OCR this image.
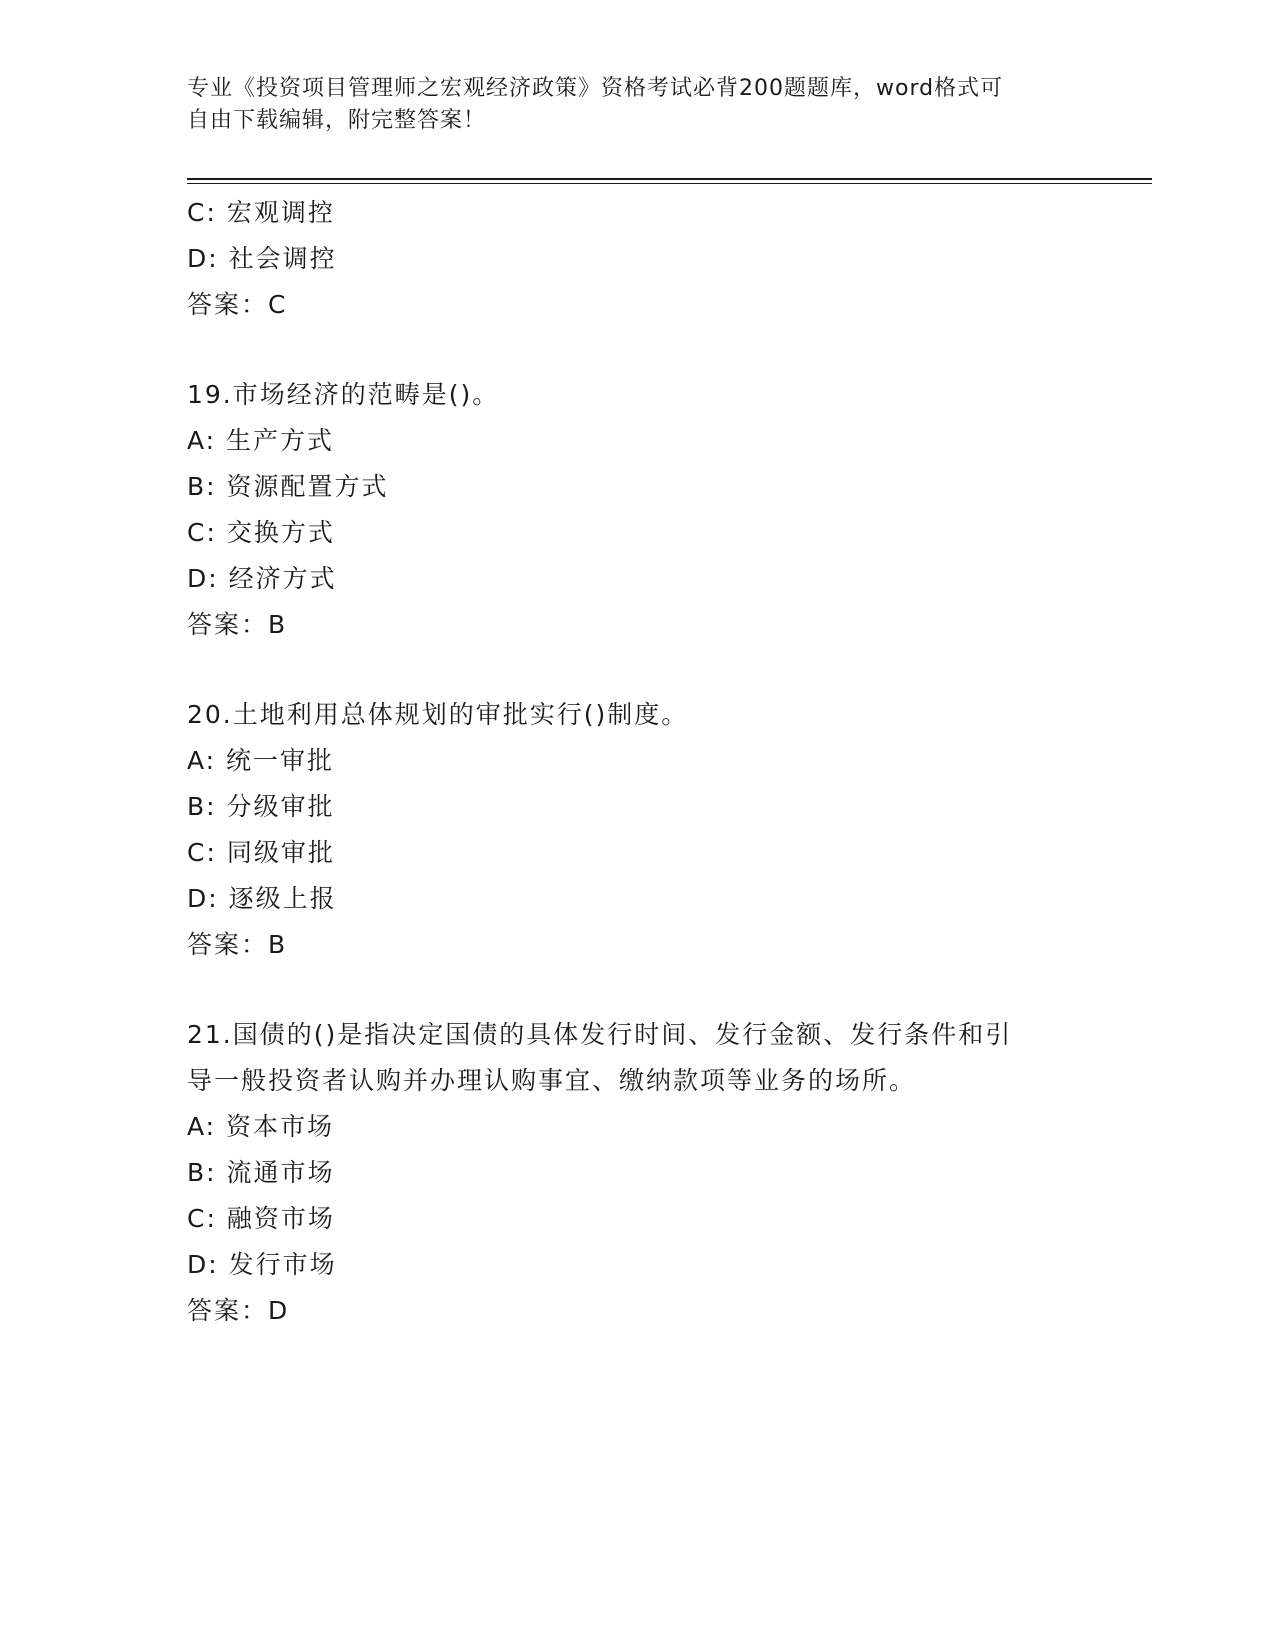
专业《投资项目管理师之宏观经济政策》资格考试必背200题题库，word格式可
自由下载编辑，附完整答案！
C: 宏观调控
D: 社会调控
答案：C
19.市场经济的范畴是()。
A: 生产方式
B: 资源配置方式
C: 交换方式
D: 经济方式
答案：B
20.土地利用总体规划的审批实行()制度。
A: 统一审批
B: 分级审批
C: 同级审批
D: 逐级上报
答案：B
21.国债的()是指决定国债的具体发行时间、发行金额、发行条件和引
导一般投资者认购并办理认购事宜、缴纳款项等业务的场所。
A: 资本市场
B: 流通市场
C: 融资市场
D: 发行市场
答案：D
